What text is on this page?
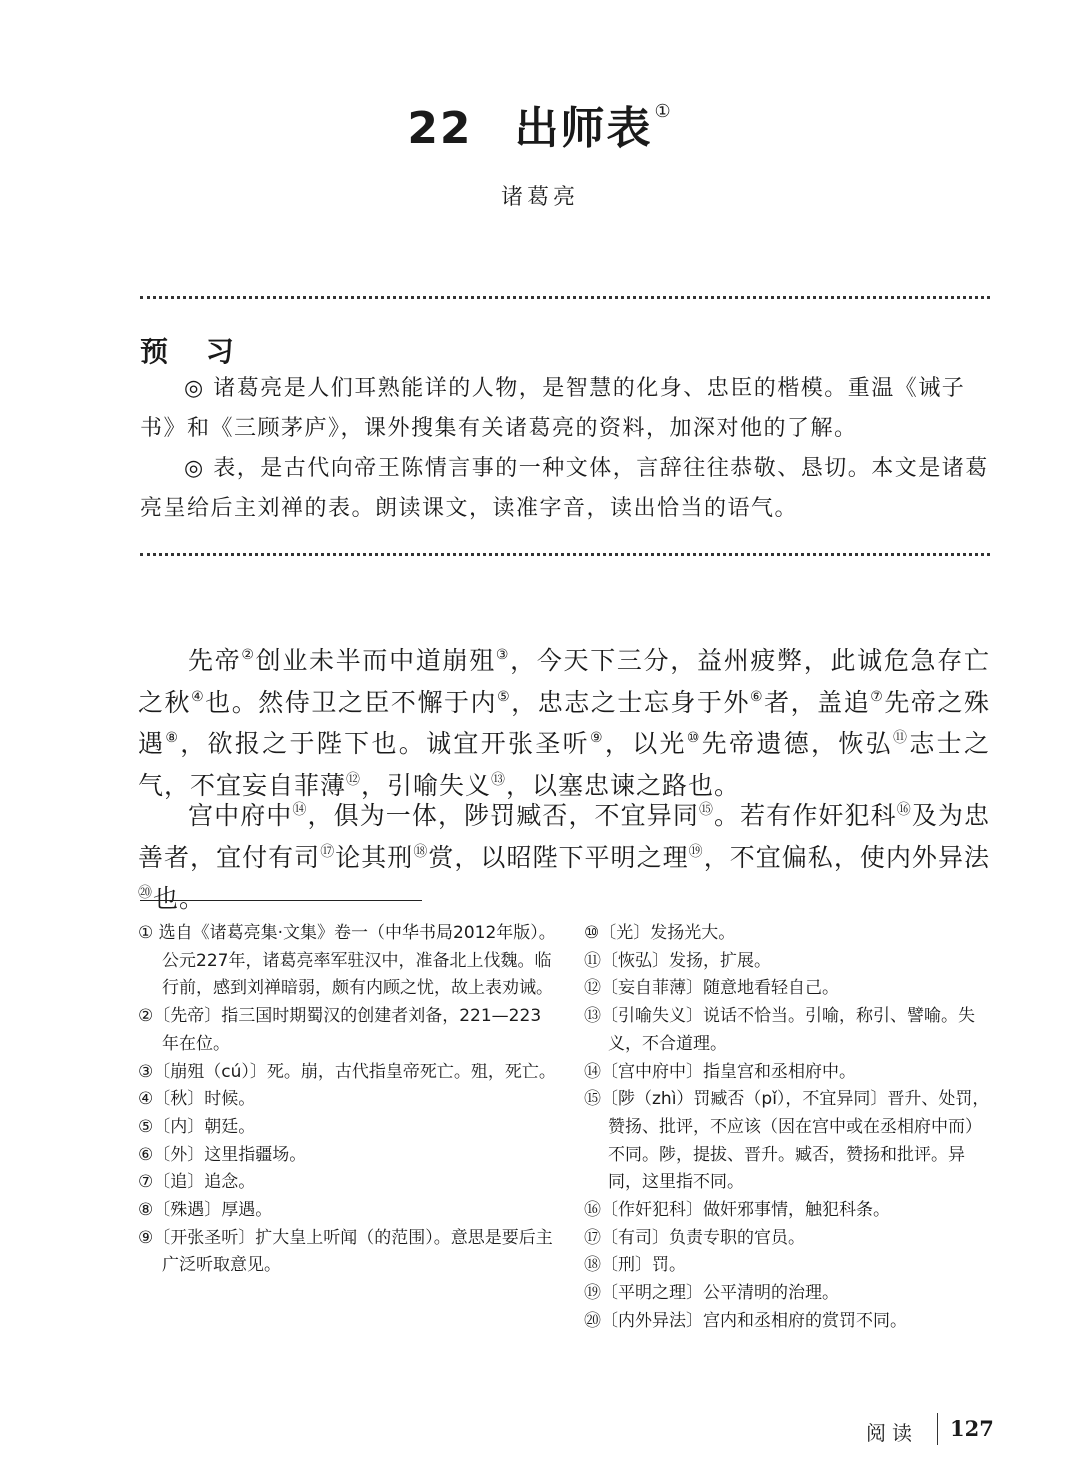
22 出师表 ①
诸葛亮
预 习
◎ 诸葛亮是人们耳熟能详的人物，是智慧的化身、忠臣的楷模。重温《诫子书》和《三顾茅庐》，课外搜集有关诸葛亮的资料，加深对他的了解。
◎ 表，是古代向帝王陈情言事的一种文体，言辞往往恭敬、恳切。本文是诸葛亮呈给后主刘禅的表。朗读课文，读准字音，读出恰当的语气。
先帝②创业未半而中道崩殂③，今天下三分，益州疲弊，此诚危急存亡之秋④也。然侍卫之臣不懈于内⑤，忠志之士忘身于外⑥者，盖追⑦先帝之殊遇⑧，欲报之于陛下也。诚宜开张圣听⑨，以光⑩先帝遗德，恢弘⑪志士之气，不宜妄自菲薄⑫，引喻失义⑬，以塞忠谏之路也。
宫中府中⑭，俱为一体，陟罚臧否，不宜异同⑮。若有作奸犯科⑯及为忠善者，宜付有司⑰论其刑⑱赏，以昭陛下平明之理⑲，不宜偏私，使内外异法⑳也。
① 选自《诸葛亮集·文集》卷一（中华书局2012年版）。公元227年，诸葛亮率军驻汉中，准备北上伐魏。临行前，感到刘禅暗弱，颇有内顾之忧，故上表劝诫。
②〔先帝〕指三国时期蜀汉的创建者刘备，221—223年在位。
③〔崩殂（cú）〕死。崩，古代指皇帝死亡。殂，死亡。
④〔秋〕时候。
⑤〔内〕朝廷。
⑥〔外〕这里指疆场。
⑦〔追〕追念。
⑧〔殊遇〕厚遇。
⑨〔开张圣听〕扩大皇上听闻（的范围）。意思是要后主广泛听取意见。
⑩〔光〕发扬光大。
⑪〔恢弘〕发扬，扩展。
⑫〔妄自菲薄〕随意地看轻自己。
⑬〔引喻失义〕说话不恰当。引喻，称引、譬喻。失义，不合道理。
⑭〔宫中府中〕指皇宫和丞相府中。
⑮〔陟（zhì）罚臧否（pǐ），不宜异同〕晋升、处罚，赞扬、批评，不应该（因在宫中或在丞相府中而）不同。陟，提拔、晋升。臧否，赞扬和批评。异同，这里指不同。
⑯〔作奸犯科〕做奸邪事情，触犯科条。
⑰〔有司〕负责专职的官员。
⑱〔刑〕罚。
⑲〔平明之理〕公平清明的治理。
⑳〔内外异法〕宫内和丞相府的赏罚不同。
阅读 127
